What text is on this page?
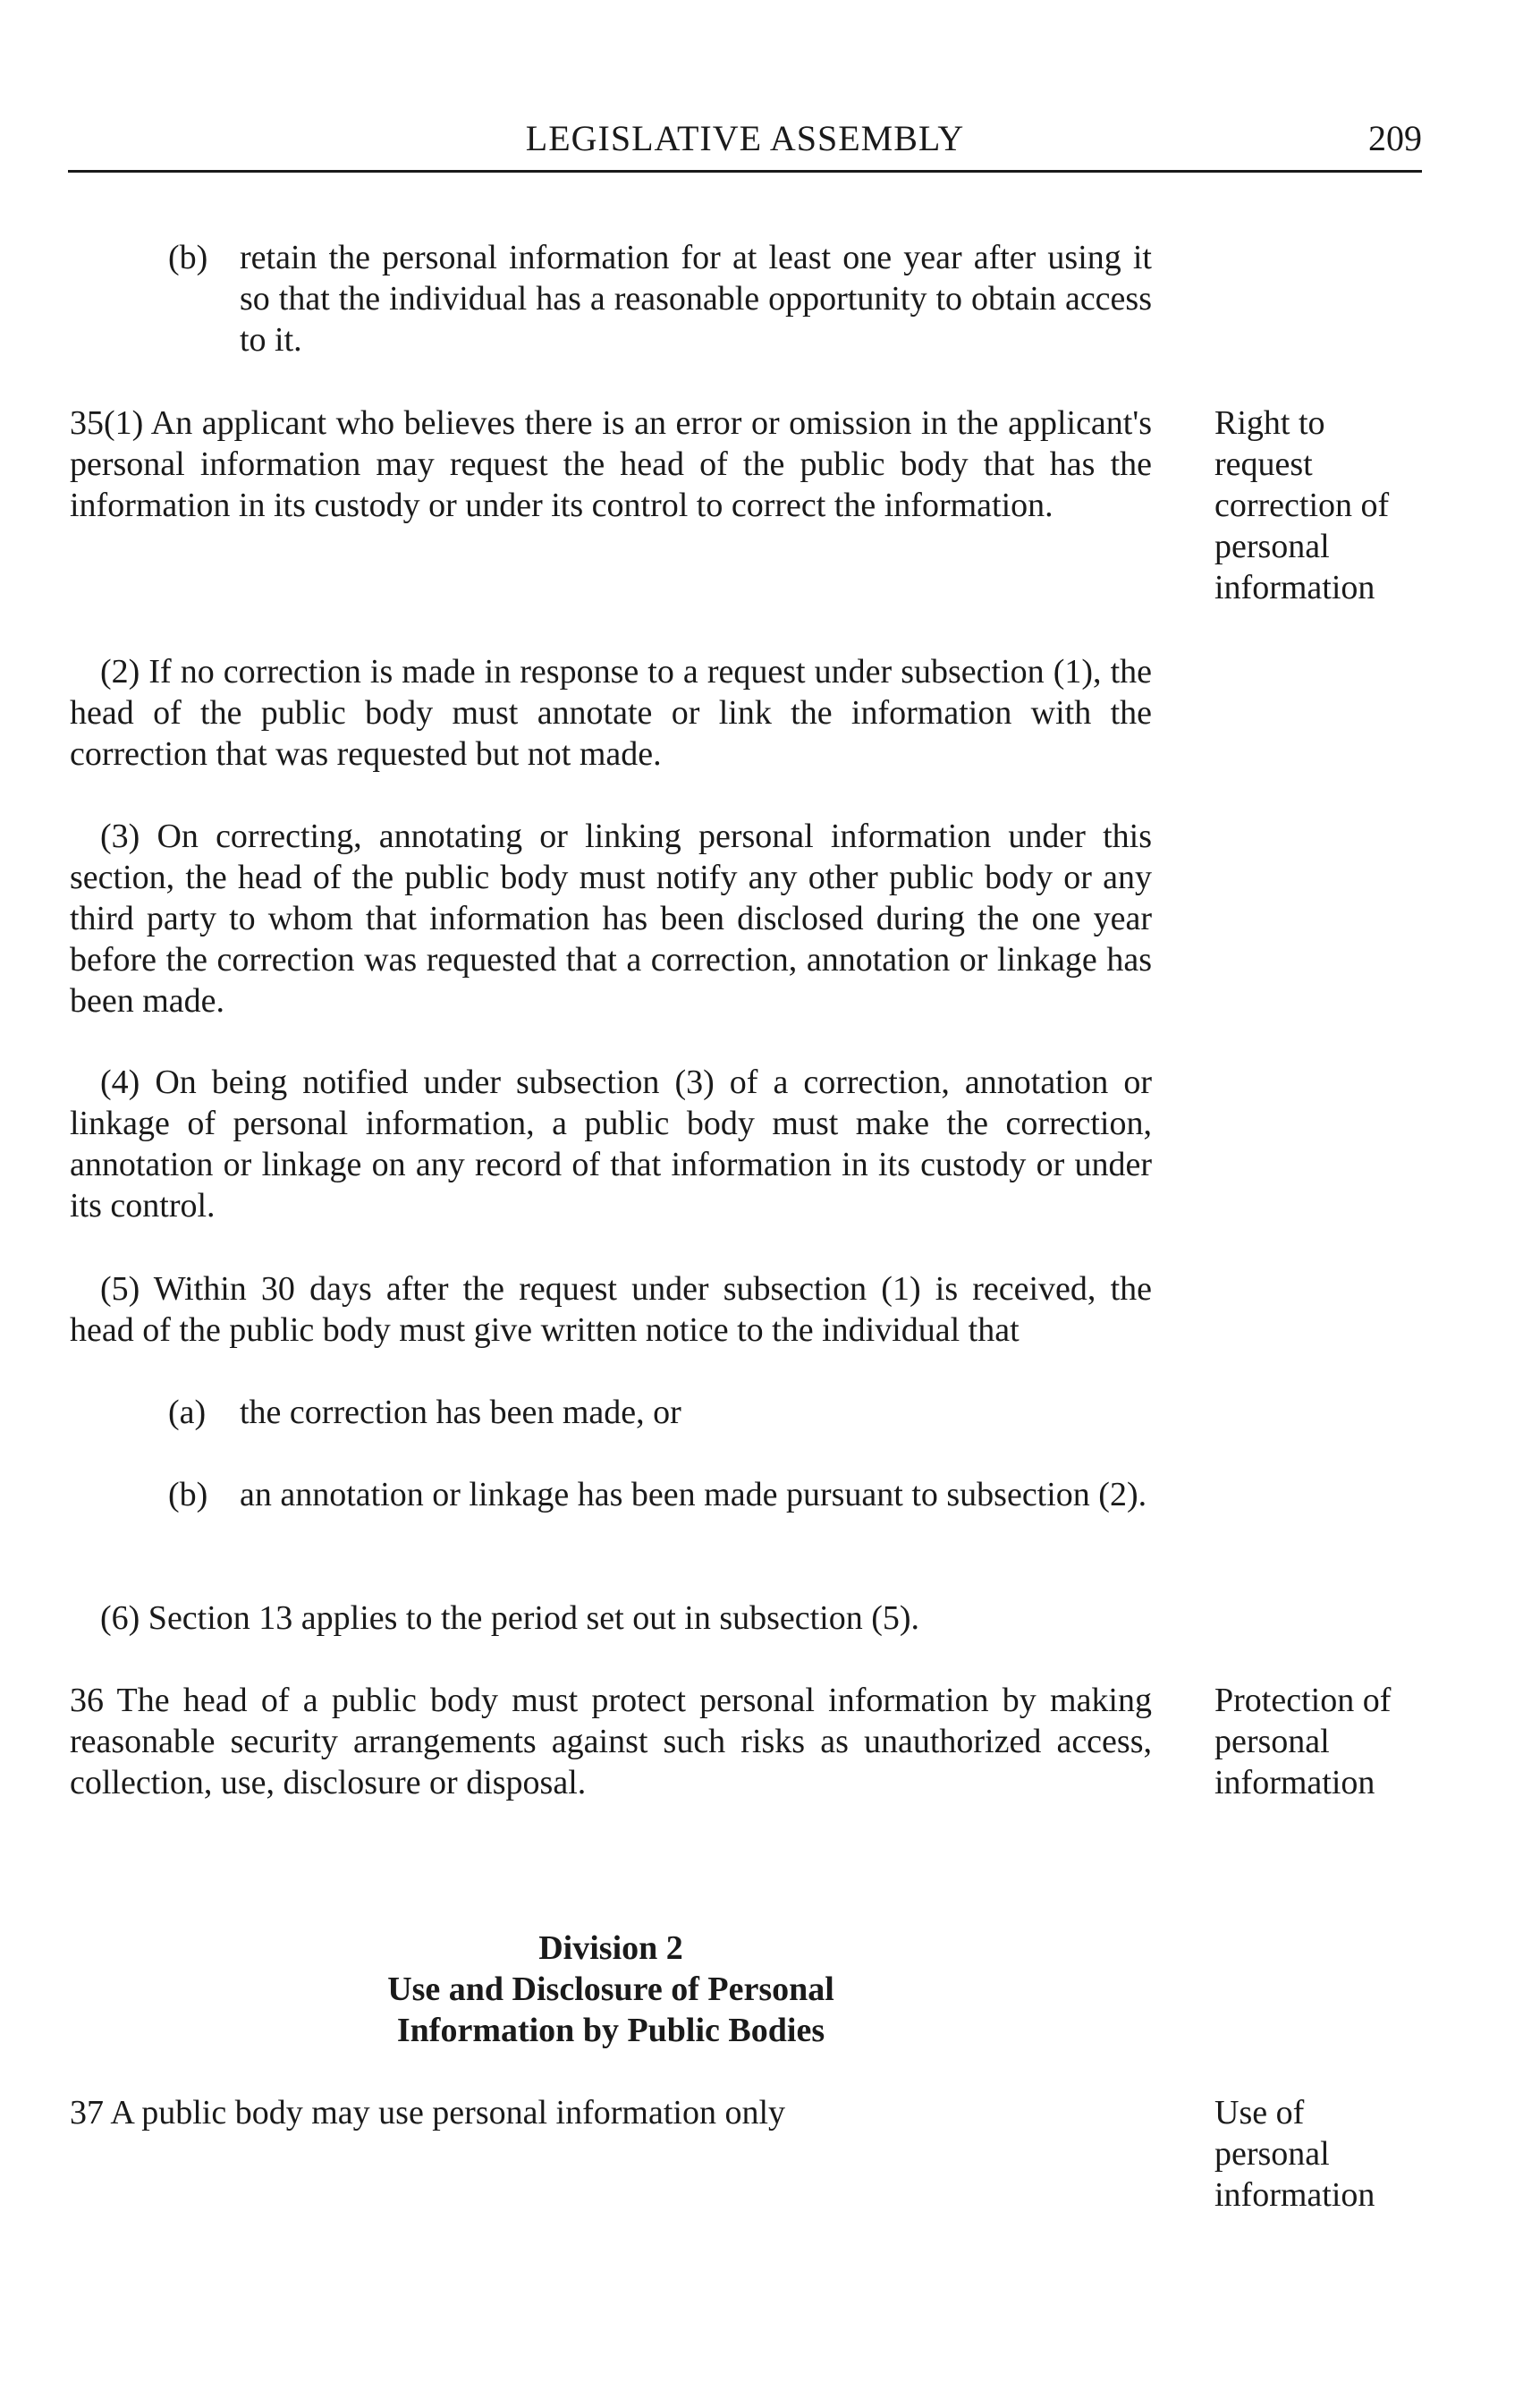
LEGISLATIVE ASSEMBLY	209
(b) retain the personal information for at least one year after using it so that the individual has a reasonable opportunity to obtain access to it.
35(1) An applicant who believes there is an error or omission in the applicant's personal information may request the head of the public body that has the information in its custody or under its control to correct the information.
Right to
request
correction of
personal
information
(2) If no correction is made in response to a request under subsection (1), the head of the public body must annotate or link the information with the correction that was requested but not made.
(3) On correcting, annotating or linking personal information under this section, the head of the public body must notify any other public body or any third party to whom that information has been disclosed during the one year before the correction was requested that a correction, annotation or linkage has been made.
(4) On being notified under subsection (3) of a correction, annotation or linkage of personal information, a public body must make the correction, annotation or linkage on any record of that information in its custody or under its control.
(5) Within 30 days after the request under subsection (1) is received, the head of the public body must give written notice to the individual that
(a) the correction has been made, or
(b) an annotation or linkage has been made pursuant to subsection (2).
(6) Section 13 applies to the period set out in subsection (5).
36 The head of a public body must protect personal information by making reasonable security arrangements against such risks as unauthorized access, collection, use, disclosure or disposal.
Protection of
personal
information
Division 2
Use and Disclosure of Personal
Information by Public Bodies
37 A public body may use personal information only	Use of
personal
information
